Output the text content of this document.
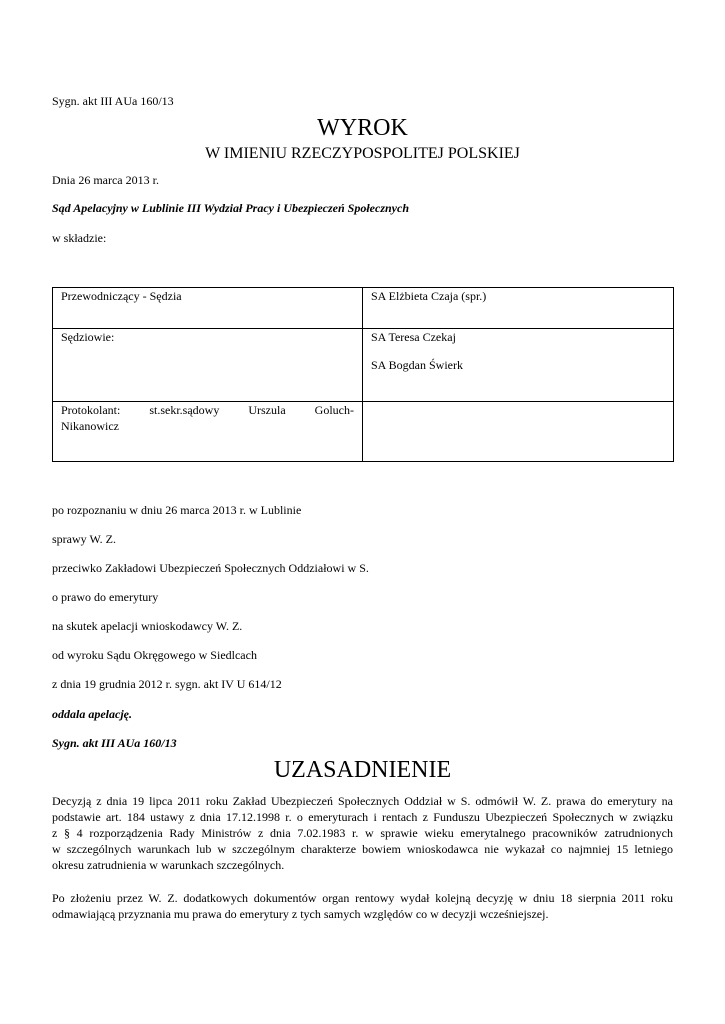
Sygn. akt III AUa 160/13
WYROK
W IMIENIU RZECZYPOSPOLITEJ POLSKIEJ
Dnia 26 marca 2013 r.
Sąd Apelacyjny w Lublinie III Wydział Pracy i Ubezpieczeń Społecznych
w składzie:
Przewodniczący - Sędzia	SA Elżbieta Czaja (spr.)
Sędziowie:	SA Teresa Czekaj
SA Bogdan Świerk

Protokolant: st.sekr.sądowy Urszula Goluch-
Nikanowicz	

po rozpoznaniu w dniu 26 marca 2013 r. w Lublinie
sprawy W. Z.
przeciwko Zakładowi Ubezpieczeń Społecznych Oddziałowi w S.
o prawo do emerytury
na skutek apelacji wnioskodawcy W. Z.
od wyroku Sądu Okręgowego w Siedlcach
z dnia 19 grudnia 2012 r. sygn. akt IV U 614/12
oddala apelację.
Sygn. akt III AUa 160/13
UZASADNIENIE
Decyzją z dnia 19 lipca 2011 roku Zakład Ubezpieczeń Społecznych Oddział w S. odmówił W. Z. prawa do emerytury na
podstawie art. 184 ustawy z dnia 17.12.1998 r. o emeryturach i rentach z Funduszu Ubezpieczeń Społecznych w związku
z § 4 rozporządzenia Rady Ministrów z dnia 7.02.1983 r. w sprawie wieku emerytalnego pracowników zatrudnionych
w szczególnych warunkach lub w szczególnym charakterze bowiem wnioskodawca nie wykazał co najmniej 15 letniego
okresu zatrudnienia w warunkach szczególnych.
Po złożeniu przez W. Z. dodatkowych dokumentów organ rentowy wydał kolejną decyzję w dniu 18 sierpnia 2011 roku
odmawiającą przyznania mu prawa do emerytury z tych samych względów co w decyzji wcześniejszej.
